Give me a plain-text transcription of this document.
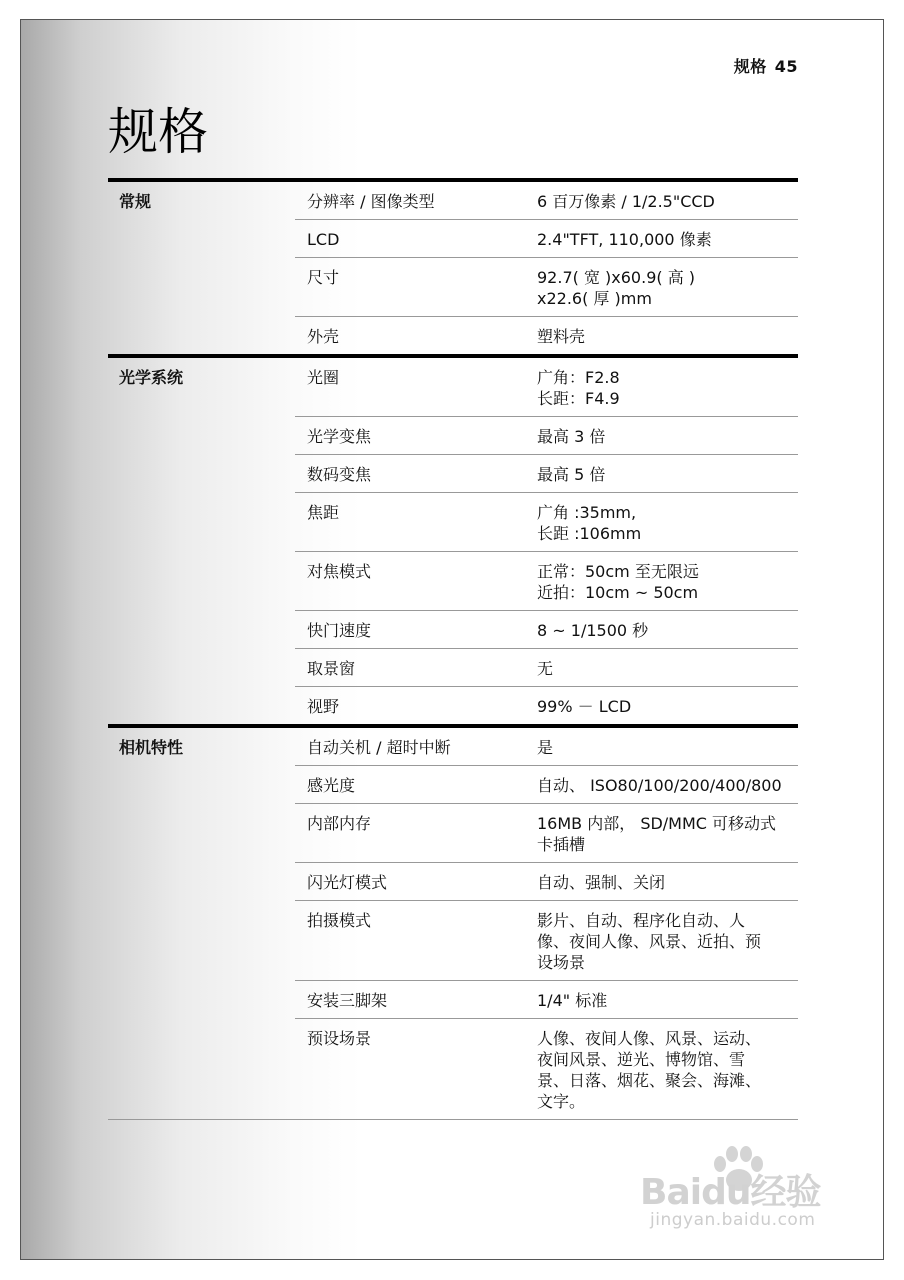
规格 45
规格
常规	分辨率 / 图像类型	6 百万像素 / 1/2.5"CCD

	LCD	2.4"TFT, 110,000 像素

	尺寸	92.7( 宽 )x60.9( 高 )
x22.6( 厚 )mm

	外壳	塑料壳

光学系统	光圈	广角：F2.8
长距：F4.9

	光学变焦	最高 3 倍

	数码变焦	最高 5 倍

	焦距	广角 :35mm,
长距 :106mm

	对焦模式	正常：50cm 至无限远
近拍：10cm ~ 50cm

	快门速度	8 ~ 1/1500 秒

	取景窗	无

	视野	99% － LCD

相机特性	自动关机 / 超时中断	是

	感光度	自动、 ISO80/100/200/400/800

	内部内存	16MB 内部， SD/MMC 可移动式
卡插槽

	闪光灯模式	自动、强制、关闭

	拍摄模式	影片、自动、程序化自动、人
像、夜间人像、风景、近拍、预
设场景

	安装三脚架	1/4" 标准

	预设场景	人像、夜间人像、风景、运动、
夜间风景、逆光、博物馆、雪
景、日落、烟花、聚会、海滩、
文字。
Baidu经验
jingyan.baidu.com
